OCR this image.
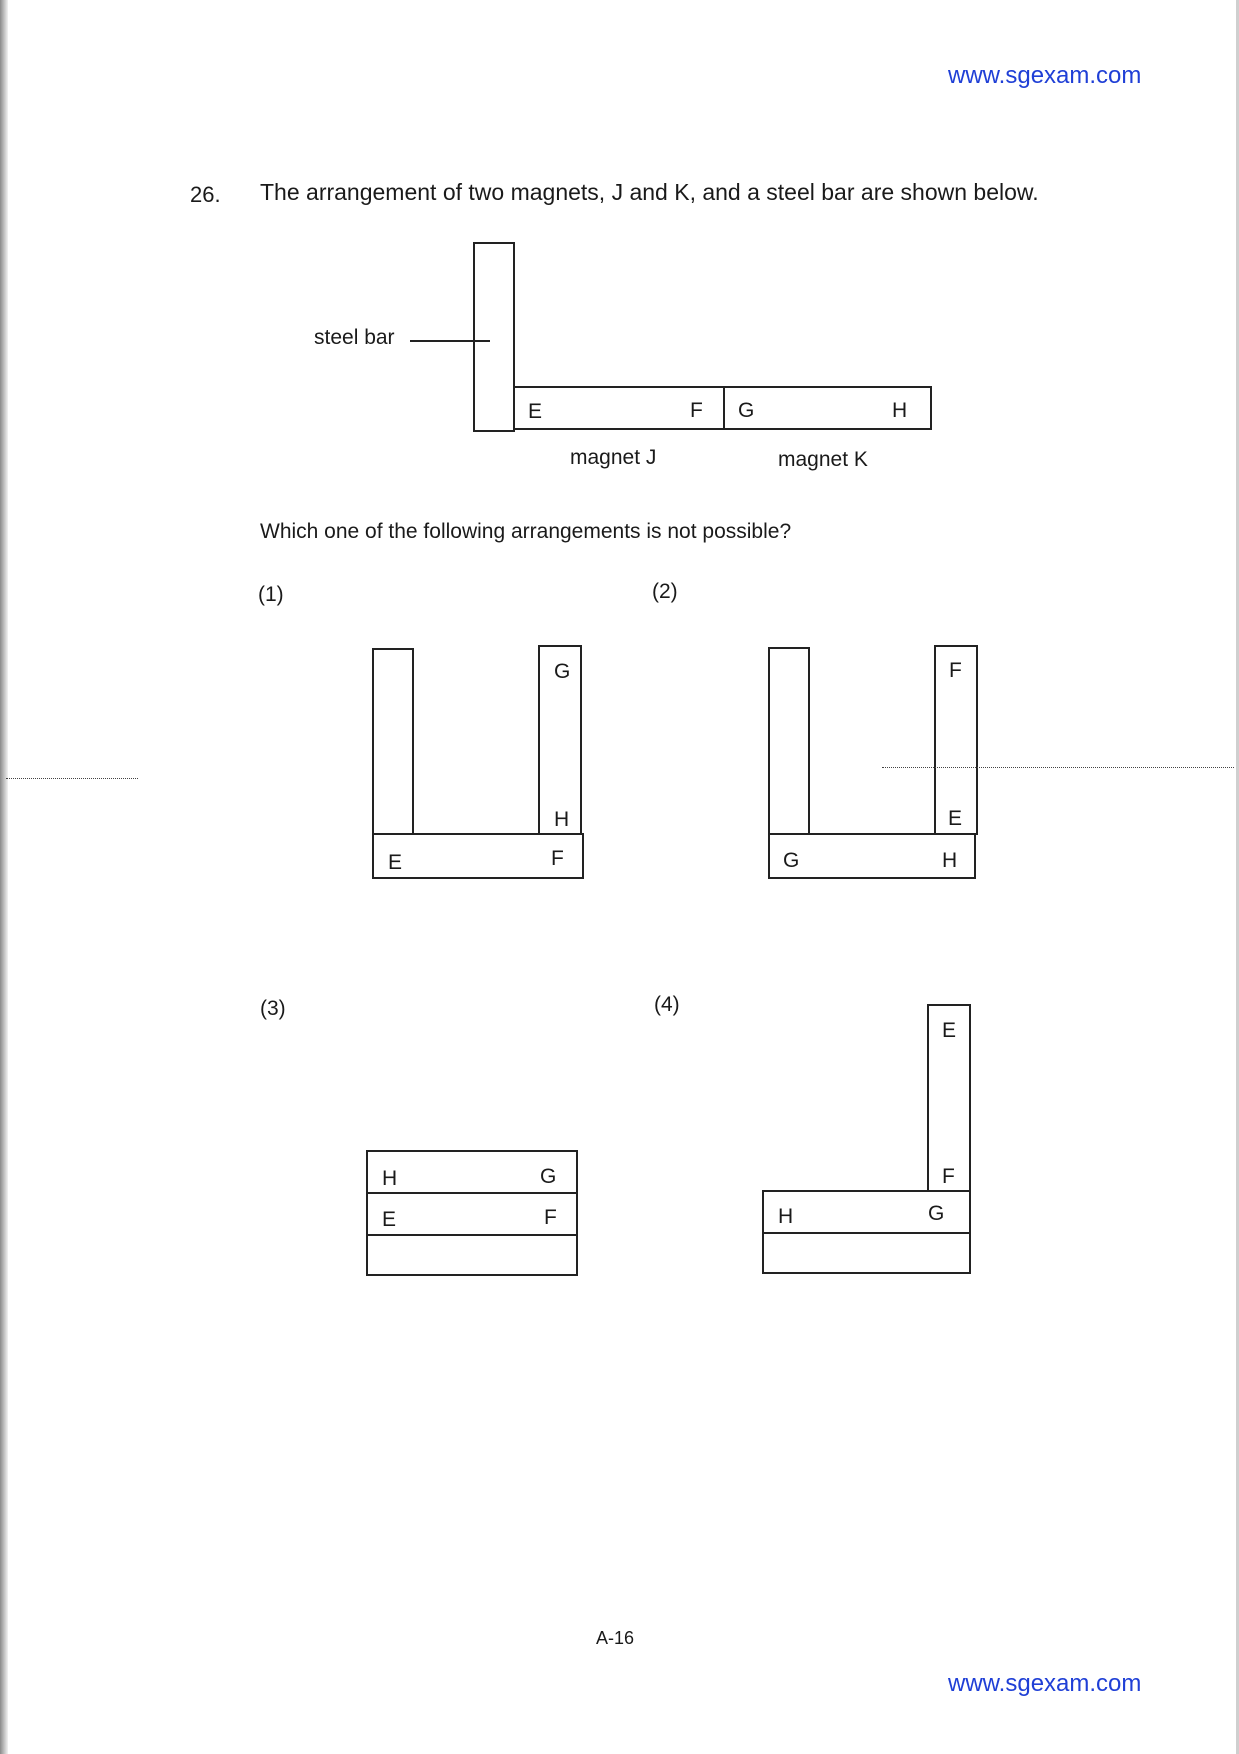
www.sgexam.com
26. The arrangement of two magnets, J and K, and a steel bar are shown below.
steel bar
E	F G	H
magnet J	magnet K
Which one of the following arrangements is not possible?
(1)
G
H
E	F
(2)
F
E
G	H
(3)
H	G
E	F
(4)
E
F
H	G
A-16
www.sgexam.com
